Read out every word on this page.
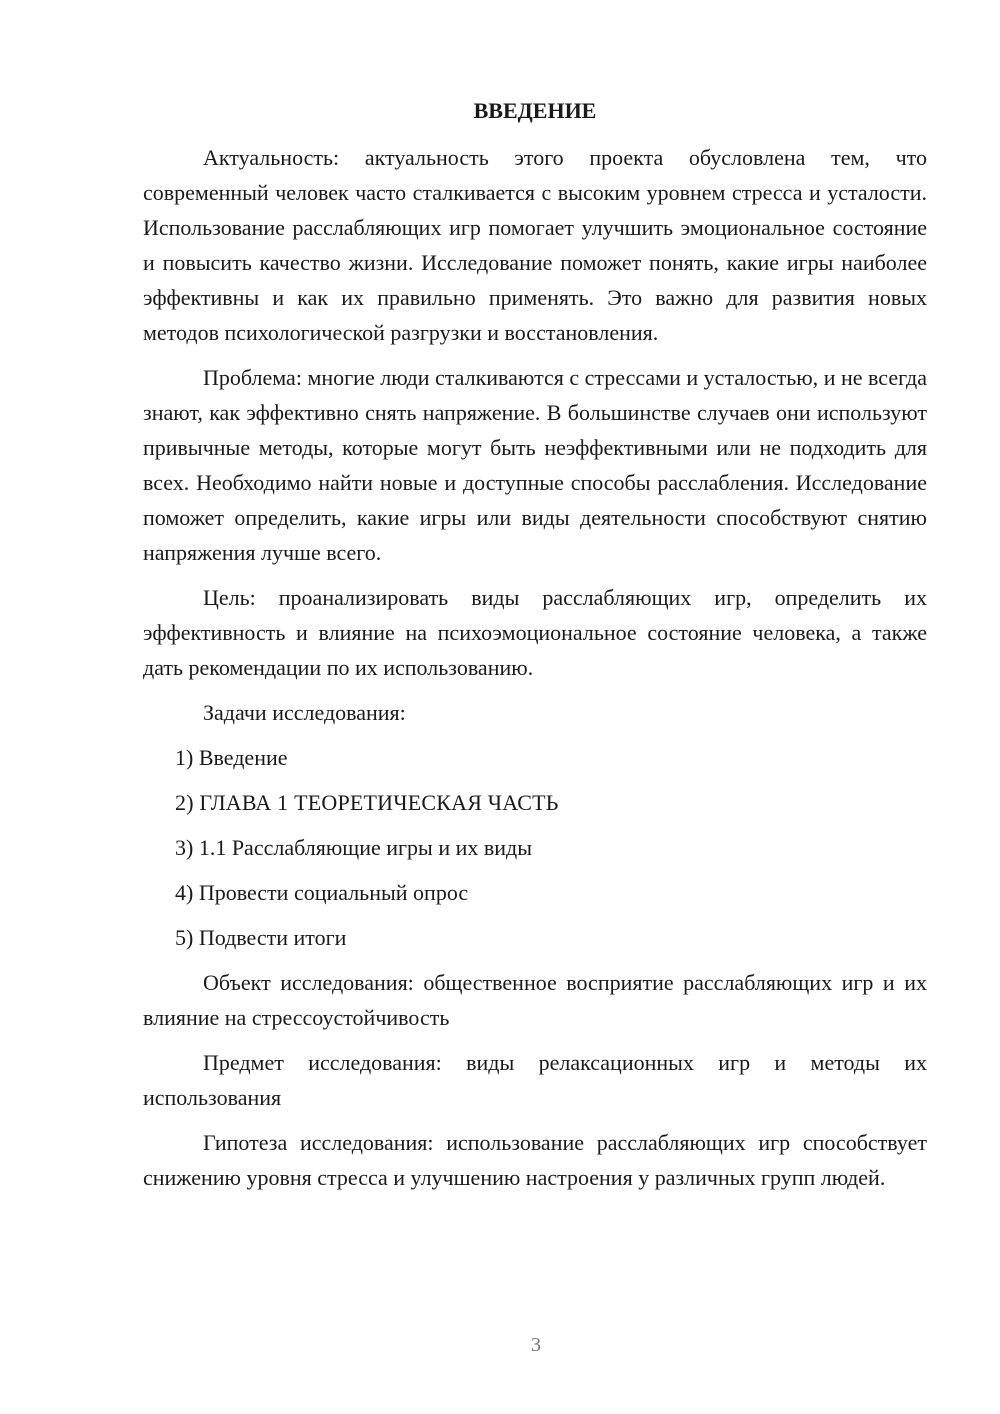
ВВЕДЕНИЕ

Актуальность: актуальность этого проекта обусловлена тем, что современный человек часто сталкивается с высоким уровнем стресса и усталости. Использование расслабляющих игр помогает улучшить эмоциональное состояние и повысить качество жизни. Исследование поможет понять, какие игры наиболее эффективны и как их правильно применять. Это важно для развития новых методов психологической разгрузки и восстановления.

Проблема: многие люди сталкиваются с стрессами и усталостью, и не всегда знают, как эффективно снять напряжение. В большинстве случаев они используют привычные методы, которые могут быть неэффективными или не подходить для всех. Необходимо найти новые и доступные способы расслабления. Исследование поможет определить, какие игры или виды деятельности способствуют снятию напряжения лучше всего.

Цель: проанализировать виды расслабляющих игр, определить их эффективность и влияние на психоэмоциональное состояние человека, а также дать рекомендации по их использованию.

Задачи исследования:

1) Введение
2) ГЛАВА 1 ТЕОРЕТИЧЕСКАЯ ЧАСТЬ
3) 1.1 Расслабляющие игры и их виды
4) Провести социальный опрос
5) Подвести итоги

Объект исследования: общественное восприятие расслабляющих игр и их влияние на стрессоустойчивость

Предмет исследования: виды релаксационных игр и методы их использования

Гипотеза исследования: использование расслабляющих игр способствует снижению уровня стресса и улучшению настроения у различных групп людей.

3
